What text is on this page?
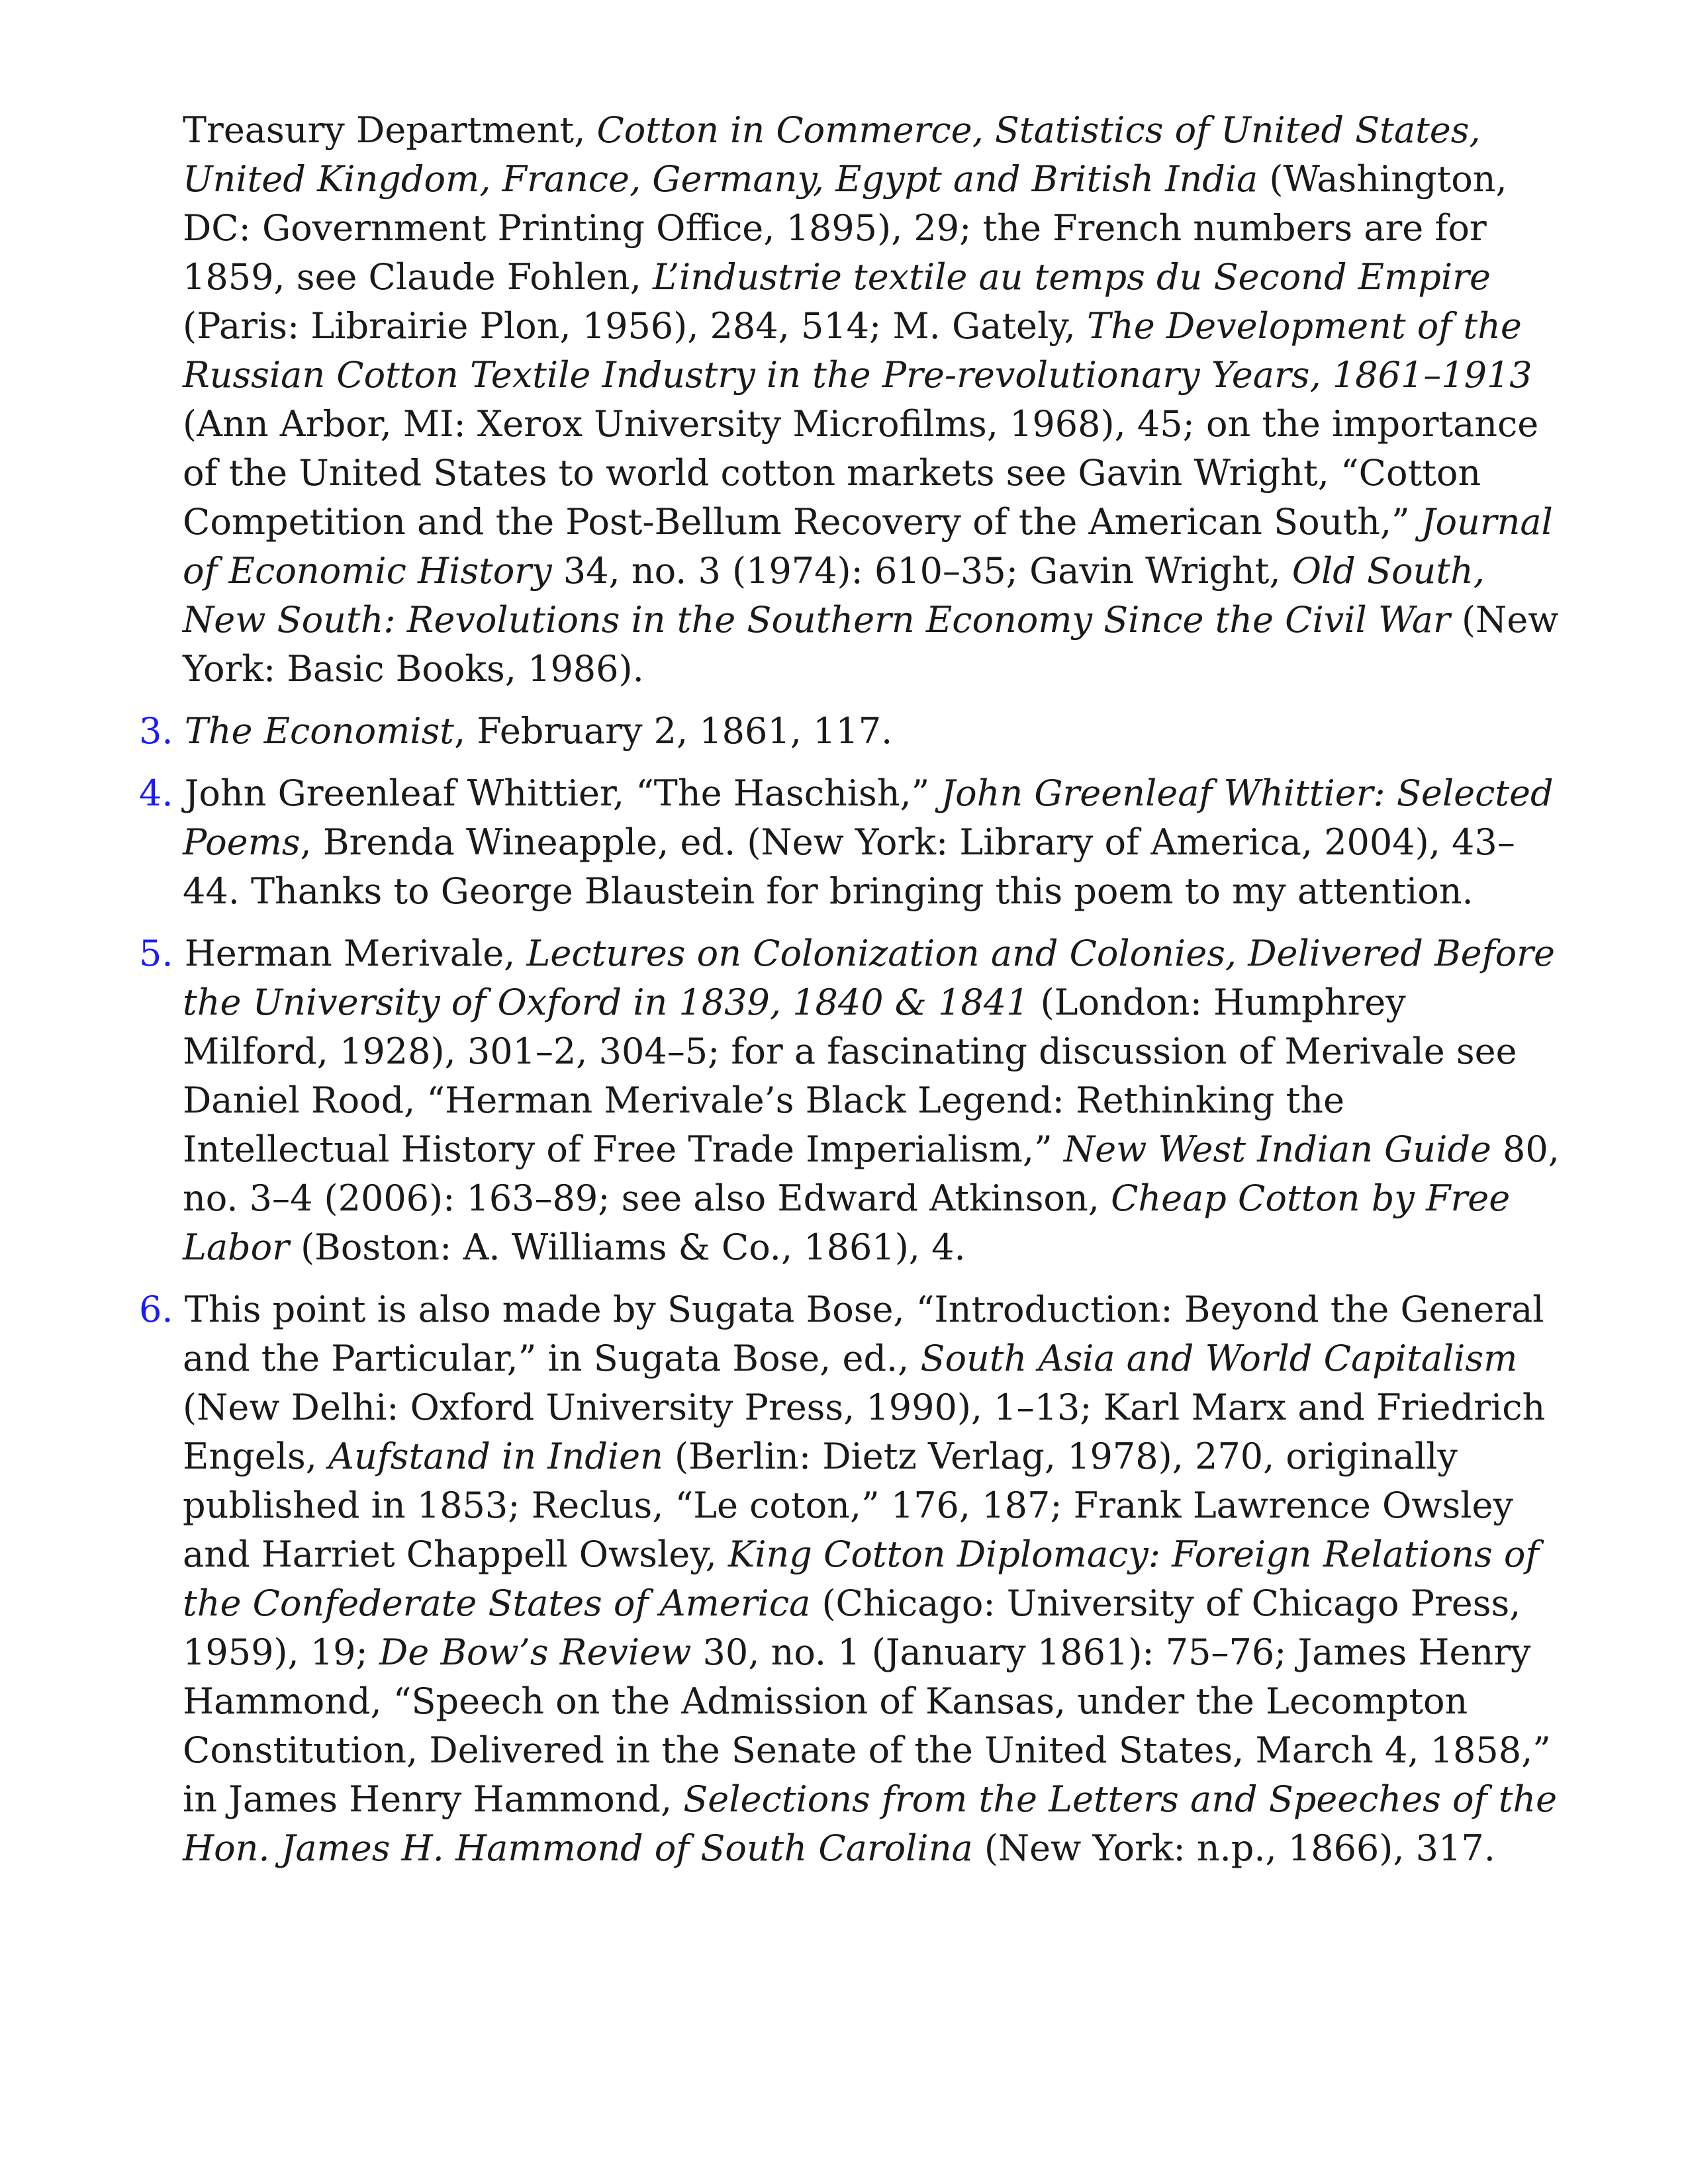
Treasury Department, Cotton in Commerce, Statistics of United States, United Kingdom, France, Germany, Egypt and British India (Washington, DC: Government Printing Office, 1895), 29; the French numbers are for 1859, see Claude Fohlen, L’industrie textile au temps du Second Empire (Paris: Librairie Plon, 1956), 284, 514; M. Gately, The Development of the Russian Cotton Textile Industry in the Pre-revolutionary Years, 1861–1913 (Ann Arbor, MI: Xerox University Microfilms, 1968), 45; on the importance of the United States to world cotton markets see Gavin Wright, “Cotton Competition and the Post-Bellum Recovery of the American South,” Journal of Economic History 34, no. 3 (1974): 610–35; Gavin Wright, Old South, New South: Revolutions in the Southern Economy Since the Civil War (New York: Basic Books, 1986).

3. The Economist, February 2, 1861, 117.

4. John Greenleaf Whittier, “The Haschish,” John Greenleaf Whittier: Selected Poems, Brenda Wineapple, ed. (New York: Library of America, 2004), 43–44. Thanks to George Blaustein for bringing this poem to my attention.

5. Herman Merivale, Lectures on Colonization and Colonies, Delivered Before the University of Oxford in 1839, 1840 & 1841 (London: Humphrey Milford, 1928), 301–2, 304–5; for a fascinating discussion of Merivale see Daniel Rood, “Herman Merivale’s Black Legend: Rethinking the Intellectual History of Free Trade Imperialism,” New West Indian Guide 80, no. 3–4 (2006): 163–89; see also Edward Atkinson, Cheap Cotton by Free Labor (Boston: A. Williams & Co., 1861), 4.

6. This point is also made by Sugata Bose, “Introduction: Beyond the General and the Particular,” in Sugata Bose, ed., South Asia and World Capitalism (New Delhi: Oxford University Press, 1990), 1–13; Karl Marx and Friedrich Engels, Aufstand in Indien (Berlin: Dietz Verlag, 1978), 270, originally published in 1853; Reclus, “Le coton,” 176, 187; Frank Lawrence Owsley and Harriet Chappell Owsley, King Cotton Diplomacy: Foreign Relations of the Confederate States of America (Chicago: University of Chicago Press, 1959), 19; De Bow’s Review 30, no. 1 (January 1861): 75–76; James Henry Hammond, “Speech on the Admission of Kansas, under the Lecompton Constitution, Delivered in the Senate of the United States, March 4, 1858,” in James Henry Hammond, Selections from the Letters and Speeches of the Hon. James H. Hammond of South Carolina (New York: n.p., 1866), 317.
